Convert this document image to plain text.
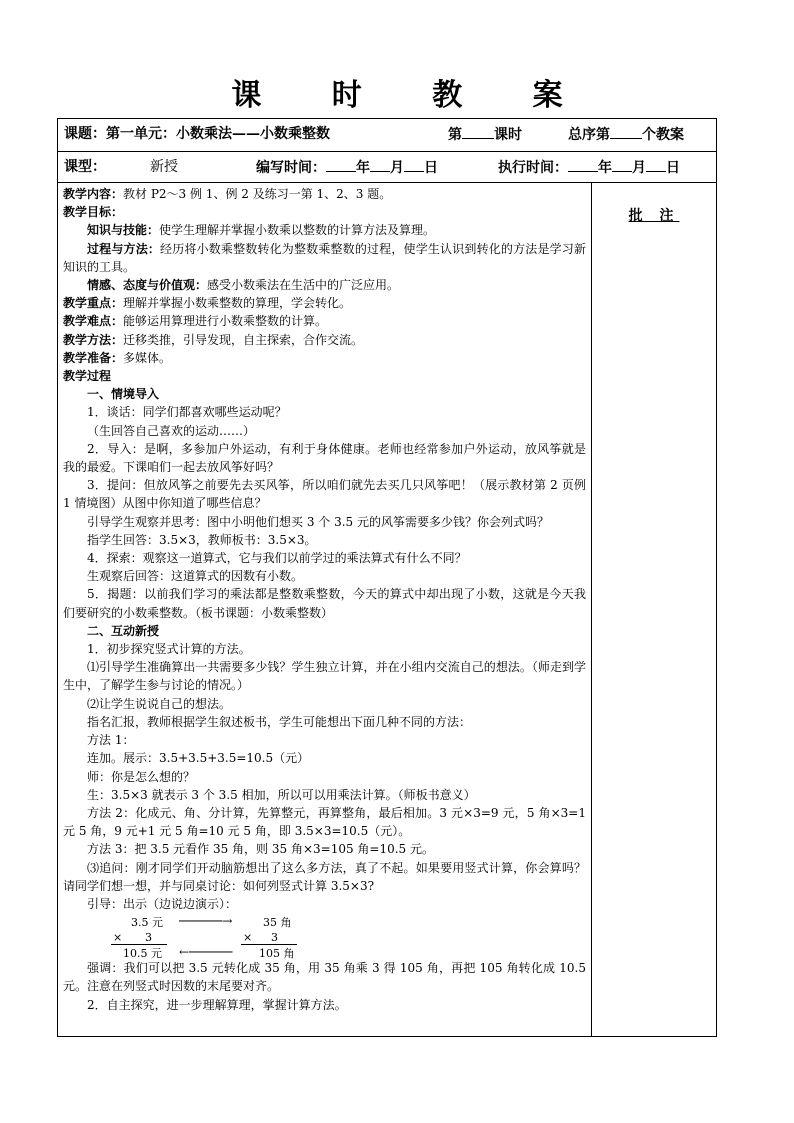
课 时 教 案
课题：第一单元：小数乘法——小数乘整数	第 课时	总序第 个教案
课型：	新授	编写时间： 年 月 日	执行时间： 年 月 日
批 注

教学内容：教材 P2～3 例 1、例 2 及练习一第 1、2、3 题。

教学目标：

知识与技能：使学生理解并掌握小数乘以整数的计算方法及算理。

过程与方法：经历将小数乘整数转化为整数乘整数的过程，使学生认识到转化的方法是学习新知识的工具。

情感、态度与价值观：感受小数乘法在生活中的广泛应用。

教学重点：理解并掌握小数乘整数的算理，学会转化。

教学难点：能够运用算理进行小数乘整数的计算。

教学方法：迁移类推，引导发现，自主探索，合作交流。

教学准备：多媒体。

教学过程

一、情境导入

1．谈话：同学们都喜欢哪些运动呢？

（生回答自己喜欢的运动……）

2．导入：是啊，多参加户外运动，有利于身体健康。老师也经常参加户外运动，放风筝就是我的最爱。下课咱们一起去放风筝好吗？

3．提问：但放风筝之前要先去买风筝，所以咱们就先去买几只风筝吧！（展示教材第 2 页例 1 情境图）从图中你知道了哪些信息？

引导学生观察并思考：图中小明他们想买 3 个 3.5 元的风筝需要多少钱？你会列式吗？

指学生回答：3.5×3，教师板书：3.5×3。

4．探索：观察这一道算式，它与我们以前学过的乘法算式有什么不同？

生观察后回答：这道算式的因数有小数。

5．揭题：以前我们学习的乘法都是整数乘整数，今天的算式中却出现了小数，这就是今天我们要研究的小数乘整数。（板书课题：小数乘整数）

二、互动新授

1．初步探究竖式计算的方法。

⑴引导学生准确算出一共需要多少钱？学生独立计算，并在小组内交流自己的想法。（师走到学生中，了解学生参与讨论的情况。）

⑵让学生说说自己的想法。

指名汇报，教师根据学生叙述板书，学生可能想出下面几种不同的方法：

方法 1：

连加。展示：3.5+3.5+3.5=10.5（元）

师：你是怎么想的？

生：3.5×3 就表示 3 个 3.5 相加，所以可以用乘法计算。（师板书意义）

方法 2：化成元、角、分计算，先算整元，再算整角，最后相加。3 元×3=9 元，5 角×3=1 元 5 角，9 元+1 元 5 角=10 元 5 角，即 3.5×3=10.5（元）。

方法 3：把 3.5 元看作 35 角，则 35 角×3=105 角=10.5 元。

⑶追问：刚才同学们开动脑筋想出了这么多方法，真了不起。如果要用竖式计算，你会算吗？请同学们想一想，并与同桌讨论：如何列竖式计算 3.5×3?

引导：出示（边说边演示）：

3.5 元 ──────→	35 角
× 3	× 3
10.5 元 ←────── 105 角

强调：我们可以把 3.5 元转化成 35 角，用 35 角乘 3 得 105 角，再把 105 角转化成 10.5 元。注意在列竖式时因数的末尾要对齐。

2．自主探究，进一步理解算理，掌握计算方法。
